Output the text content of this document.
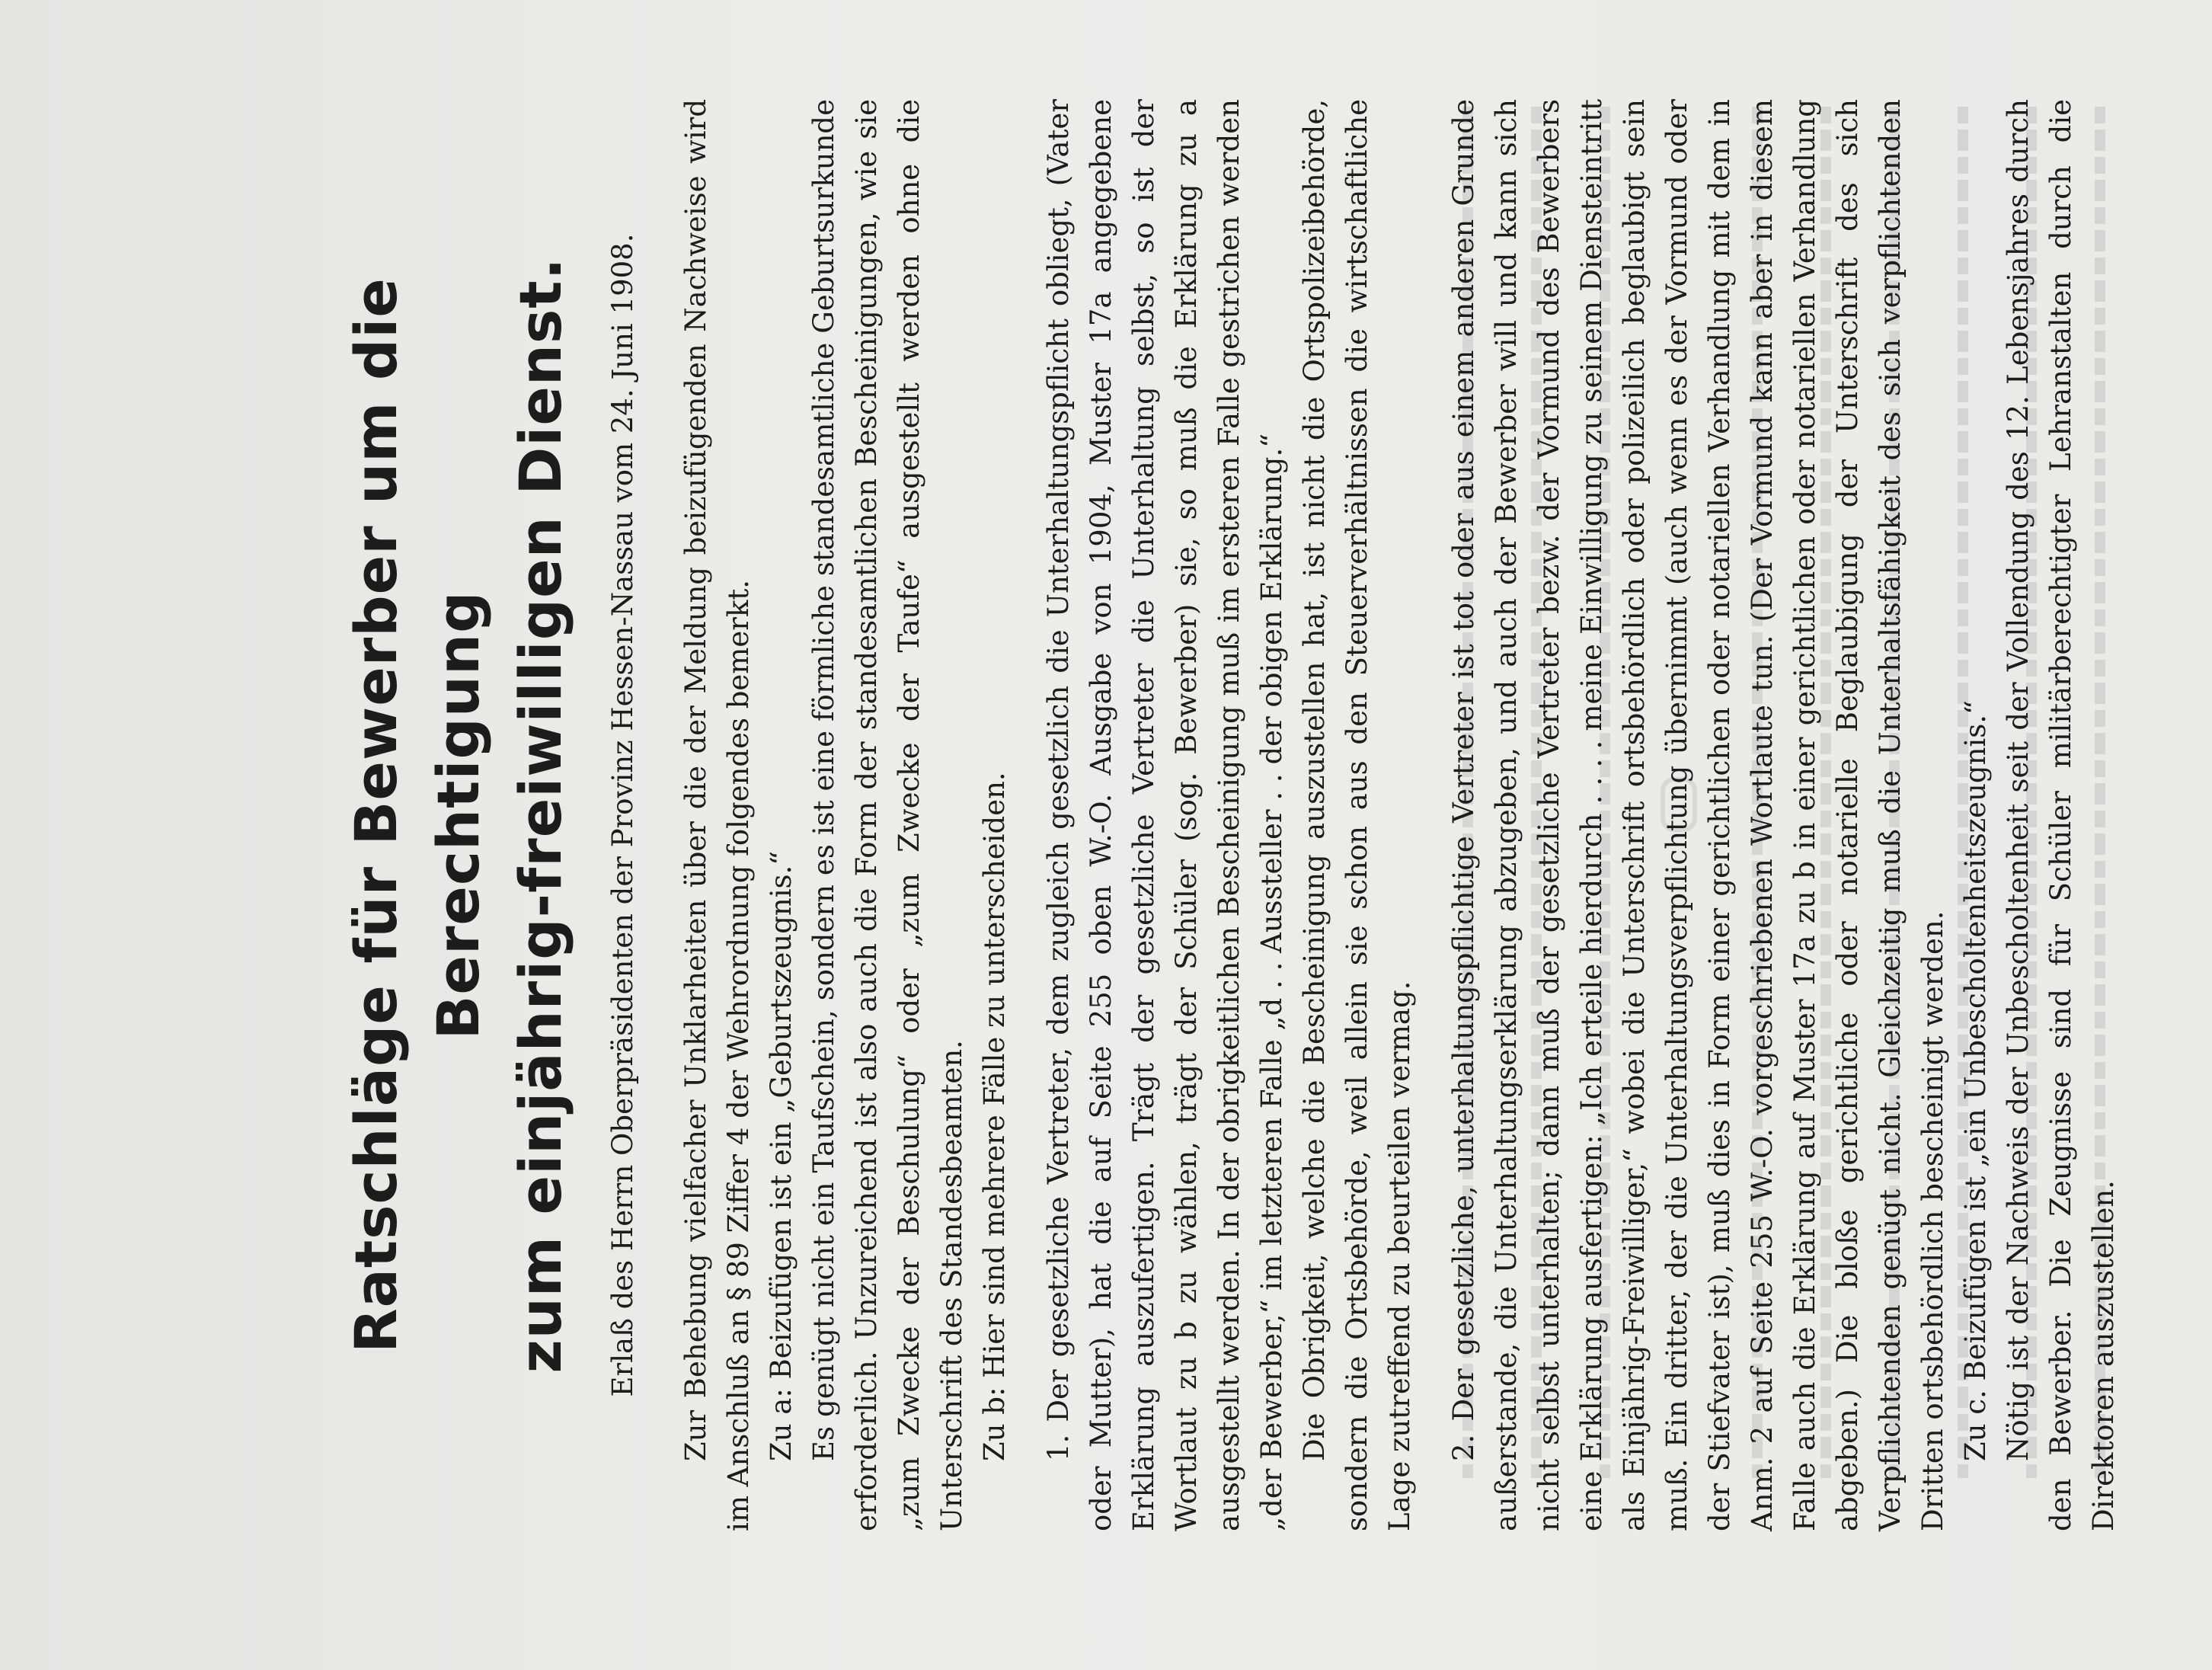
Ratschläge für Bewerber um die Berechtigung zum einjährig-freiwilligen Dienst. Erlaß des Herrn Oberpräsidenten der Provinz Hessen-Nassau vom 24. Juni 1908. Zur Behebung vielfacher Unklarheiten über die der Meldung beizufügenden Nachweise wird im Anschluß an § 89 Ziffer 4 der Wehrordnung folgendes bemerkt. Zu a: Beizufügen ist ein „Geburtszeugnis.“ Es genügt nicht ein Taufschein, sondern es ist eine förmliche standesamtliche Geburtsurkunde erforderlich. Unzureichend ist also auch die Form der standesamtlichen Bescheinigungen, wie sie „zum Zwecke der Beschulung“ oder „zum Zwecke der Taufe“ ausgestellt werden ohne die Unterschrift des Standesbeamten. Zu b: Hier sind mehrere Fälle zu unterscheiden. 1. Der gesetzliche Vertreter, dem zugleich gesetzlich die Unterhaltungspflicht obliegt, (Vater oder Mutter), hat die auf Seite 255 oben W.-O. Ausgabe von 1904, Muster 17a angegebene Erklärung auszufertigen. Trägt der gesetzliche Vertreter die Unterhaltung selbst, so ist der Wortlaut zu b zu wählen, trägt der Schüler (sog. Bewerber) sie, so muß die Erklärung zu a ausgestellt werden. In der obrigkeitlichen Bescheinigung muß im ersteren Falle gestrichen werden „der Bewerber,“ im letzteren Falle „d . . Aussteller . . der obigen Erklärung.“ Die Obrigkeit, welche die Bescheinigung auszustellen hat, ist nicht die Ortspolizeibehörde, sondern die Ortsbehörde, weil allein sie schon aus den Steuerverhältnissen die wirtschaftliche Lage zutreffend zu beurteilen vermag. 2. Der gesetzliche, unterhaltungspflichtige Vertreter ist tot oder aus einem anderen Grunde außerstande, die Unterhaltungserklärung abzugeben, und auch der Bewerber will und kann sich nicht selbst unterhalten; dann muß der gesetzliche Vertreter bezw. der Vormund des Bewerbers eine Erklärung ausfertigen: „Ich erteile hierdurch . . . . meine Einwilligung zu seinem Diensteintritt als Einjährig-Freiwilliger,“ wobei die Unterschrift ortsbehördlich oder polizeilich beglaubigt sein muß. Ein dritter, der die Unterhaltungsverpflichtung übernimmt (auch wenn es der Vormund oder der Stiefvater ist), muß dies in Form einer gerichtlichen oder notariellen Verhandlung mit dem in Anm. 2 auf Seite 255 W.-O. vorgeschriebenen Wortlaute tun. (Der Vormund kann aber in diesem Falle auch die Erklärung auf Muster 17a zu b in einer gerichtlichen oder notariellen Verhandlung abgeben.) Die bloße gerichtliche oder notarielle Beglaubigung der Unterschrift des sich Verpflichtenden genügt nicht. Gleichzeitig muß die Unterhaltsfähigkeit des sich verpflichtenden Dritten ortsbehördlich bescheinigt werden. Zu c. Beizufügen ist „ein Unbescholtenheitszeugnis.“ Nötig ist der Nachweis der Unbescholtenheit seit der Vollendung des 12. Lebensjahres durch den Bewerber. Die Zeugnisse sind für Schüler militärberechtigter Lehranstalten durch die Direktoren auszustellen.
